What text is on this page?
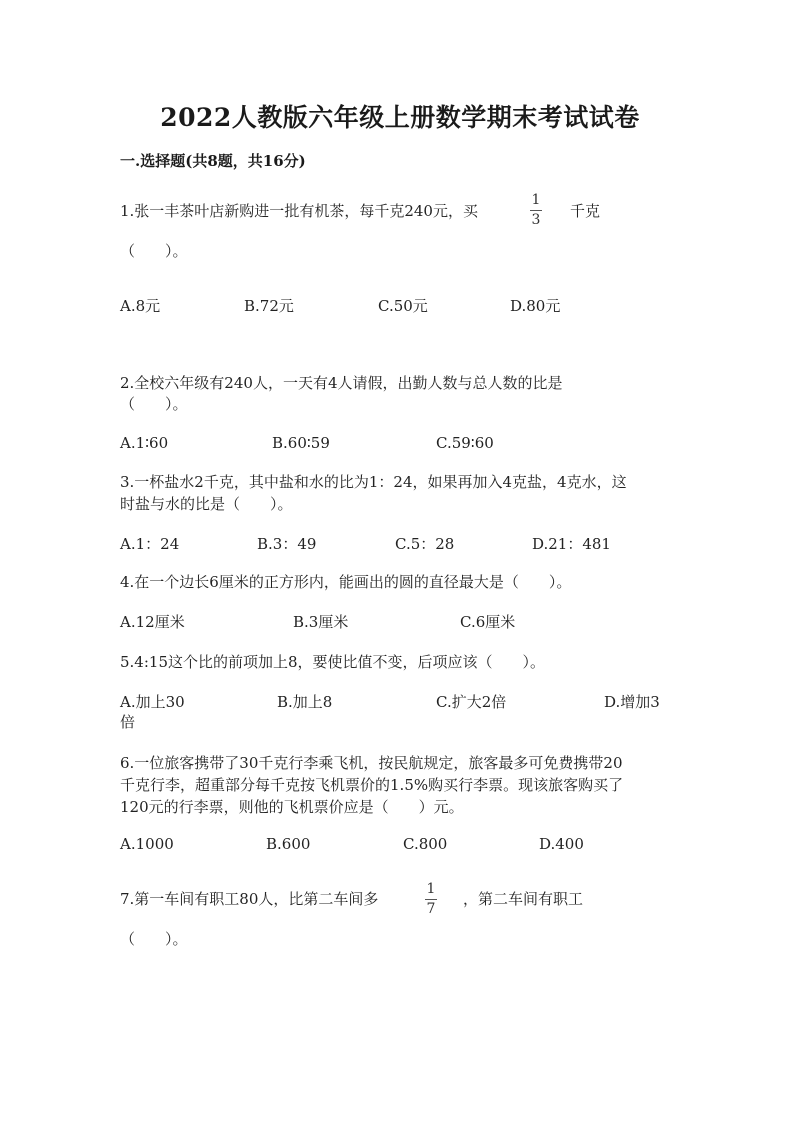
2022人教版六年级上册数学期末考试试卷
一.选择题(共8题，共16分)
1.张一丰茶叶店新购进一批有机茶，每千克240元，买
1
3 千克
（　　）。
A.8元	B.72元	C.50元	D.80元
2.全校六年级有240人，一天有4人请假，出勤人数与总人数的比是
（　　）。
A.1∶60	B.60∶59	C.59∶60
3.一杯盐水2千克，其中盐和水的比为1：24，如果再加入4克盐，4克水，这
时盐与水的比是（　　）。
A.1：24	B.3：49	C.5：28	D.21：481
4.在一个边长6厘米的正方形内，能画出的圆的直径最大是（　　）。
A.12厘米	B.3厘米	C.6厘米
5.4:15这个比的前项加上8，要使比值不变，后项应该（　　）。
A.加上30	B.加上8	C.扩大2倍	D.增加3
倍
6.一位旅客携带了30千克行李乘飞机，按民航规定，旅客最多可免费携带20
千克行李，超重部分每千克按飞机票价的1.5%购买行李票。现该旅客购买了
120元的行李票，则他的飞机票价应是（　　）元。
A.1000	B.600	C.800	D.400
7.第一车间有职工80人，比第二车间多
1
7
，第二车间有职工
（　　）。
